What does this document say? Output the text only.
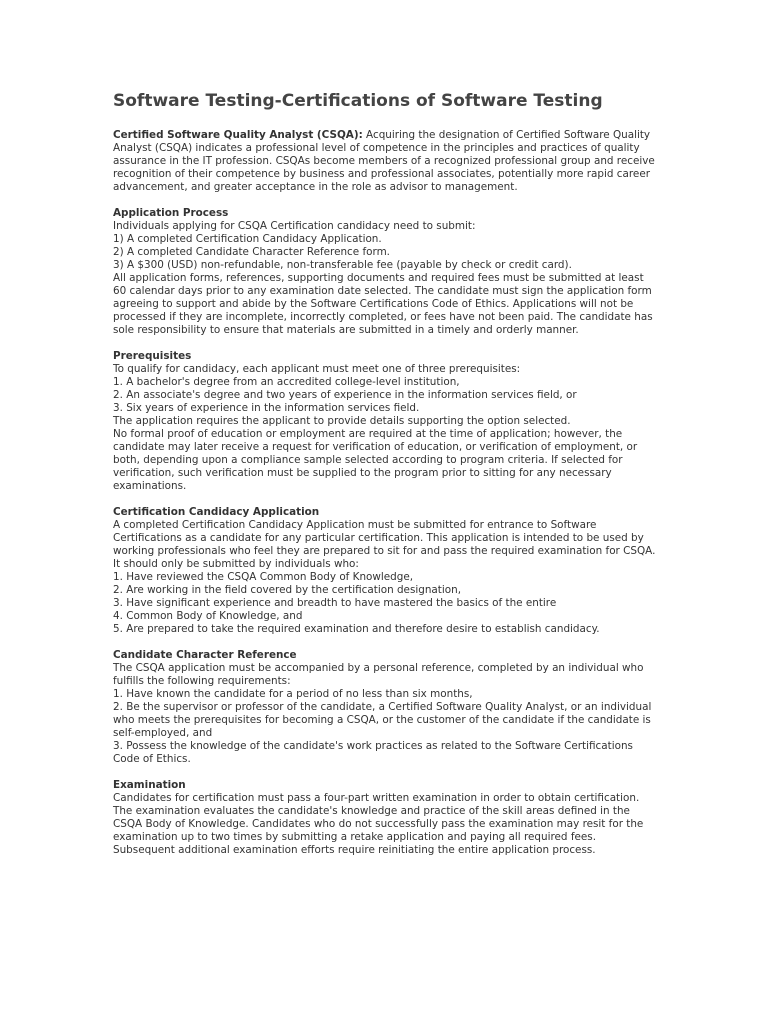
Software Testing-Certifications of Software Testing
Certified Software Quality Analyst (CSQA): Acquiring the designation of Certified Software Quality Analyst (CSQA) indicates a professional level of competence in the principles and practices of quality assurance in the IT profession. CSQAs become members of a recognized professional group and receive recognition of their competence by business and professional associates, potentially more rapid career advancement, and greater acceptance in the role as advisor to management.
Application Process
Individuals applying for CSQA Certification candidacy need to submit:
1) A completed Certification Candidacy Application.
2) A completed Candidate Character Reference form.
3) A $300 (USD) non-refundable, non-transferable fee (payable by check or credit card).
All application forms, references, supporting documents and required fees must be submitted at least 60 calendar days prior to any examination date selected. The candidate must sign the application form agreeing to support and abide by the Software Certifications Code of Ethics. Applications will not be processed if they are incomplete, incorrectly completed, or fees have not been paid. The candidate has sole responsibility to ensure that materials are submitted in a timely and orderly manner.
Prerequisites
To qualify for candidacy, each applicant must meet one of three prerequisites:
1. A bachelor's degree from an accredited college-level institution,
2. An associate's degree and two years of experience in the information services field, or
3. Six years of experience in the information services field.
The application requires the applicant to provide details supporting the option selected.
No formal proof of education or employment are required at the time of application; however, the candidate may later receive a request for verification of education, or verification of employment, or both, depending upon a compliance sample selected according to program criteria. If selected for verification, such verification must be supplied to the program prior to sitting for any necessary examinations.
Certification Candidacy Application
A completed Certification Candidacy Application must be submitted for entrance to Software Certifications as a candidate for any particular certification. This application is intended to be used by working professionals who feel they are prepared to sit for and pass the required examination for CSQA. It should only be submitted by individuals who:
1. Have reviewed the CSQA Common Body of Knowledge,
2. Are working in the field covered by the certification designation,
3. Have significant experience and breadth to have mastered the basics of the entire
4. Common Body of Knowledge, and
5. Are prepared to take the required examination and therefore desire to establish candidacy.
Candidate Character Reference
The CSQA application must be accompanied by a personal reference, completed by an individual who fulfills the following requirements:
1. Have known the candidate for a period of no less than six months,
2. Be the supervisor or professor of the candidate, a Certified Software Quality Analyst, or an individual who meets the prerequisites for becoming a CSQA, or the customer of the candidate if the candidate is self-employed, and
3. Possess the knowledge of the candidate's work practices as related to the Software Certifications Code of Ethics.
Examination
Candidates for certification must pass a four-part written examination in order to obtain certification. The examination evaluates the candidate's knowledge and practice of the skill areas defined in the CSQA Body of Knowledge. Candidates who do not successfully pass the examination may resit for the examination up to two times by submitting a retake application and paying all required fees. Subsequent additional examination efforts require reinitiating the entire application process.
